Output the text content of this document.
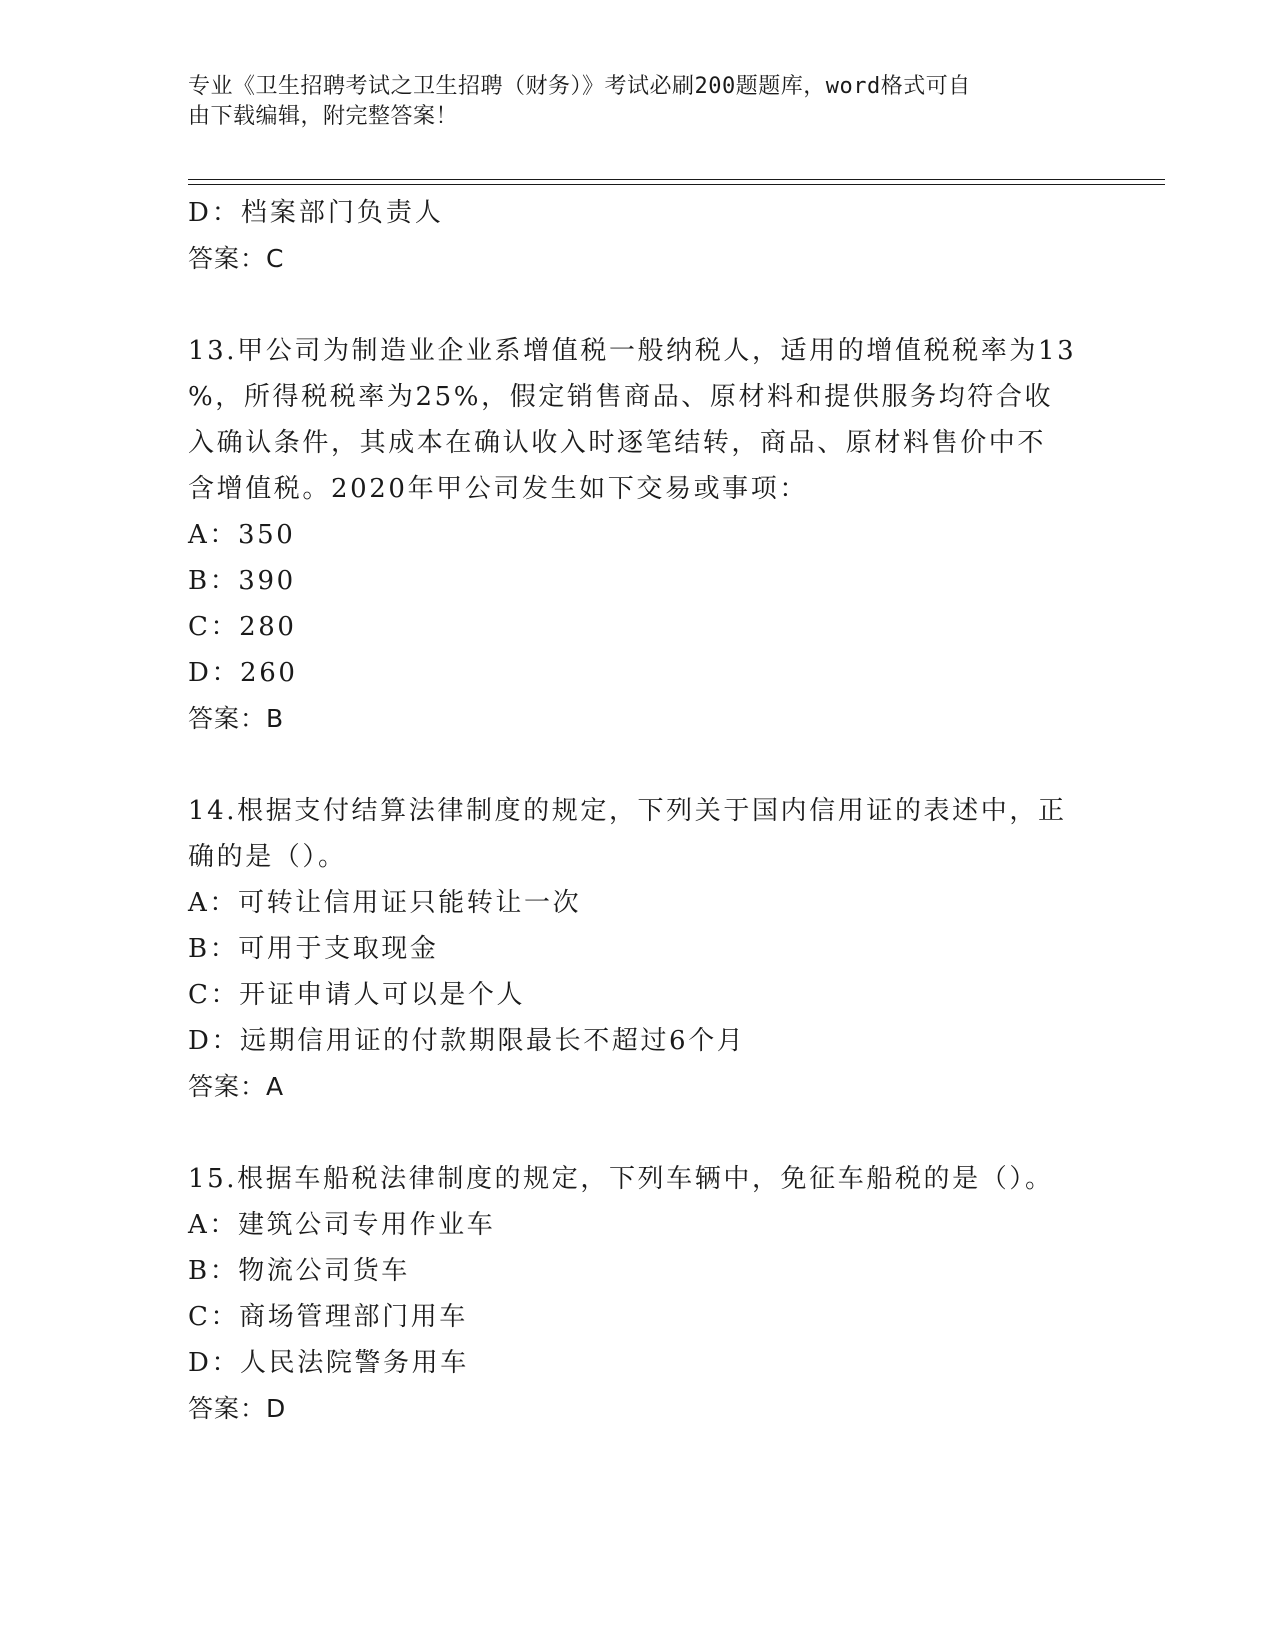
专业《卫生招聘考试之卫生招聘（财务）》考试必刷200题题库，word格式可自
由下载编辑，附完整答案！
D：档案部门负责人
答案：C
13.甲公司为制造业企业系增值税一般纳税人，适用的增值税税率为13
%，所得税税率为25%，假定销售商品、原材料和提供服务均符合收
入确认条件，其成本在确认收入时逐笔结转，商品、原材料售价中不
含增值税。2020年甲公司发生如下交易或事项：
A：350
B：390
C：280
D：260
答案：B
14.根据支付结算法律制度的规定，下列关于国内信用证的表述中，正
确的是（）。
A：可转让信用证只能转让一次
B：可用于支取现金
C：开证申请人可以是个人
D：远期信用证的付款期限最长不超过6个月
答案：A
15.根据车船税法律制度的规定，下列车辆中，免征车船税的是（）。
A：建筑公司专用作业车
B：物流公司货车
C：商场管理部门用车
D：人民法院警务用车
答案：D
